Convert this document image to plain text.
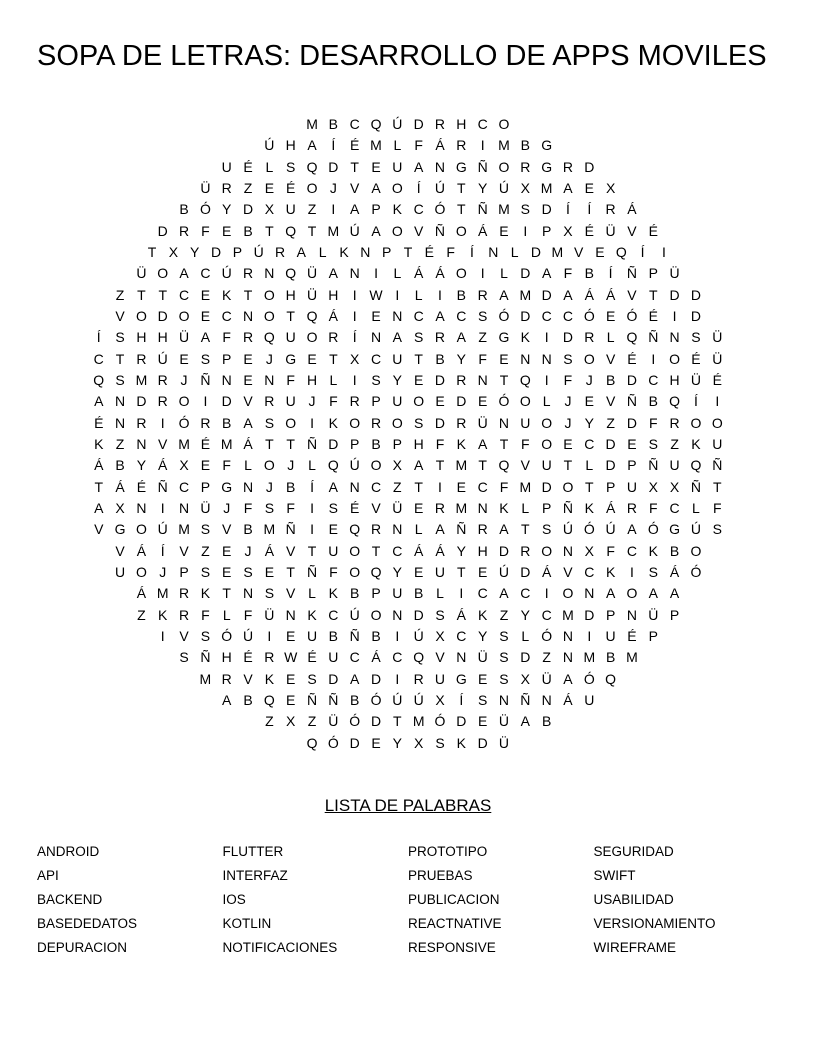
SOPA DE LETRAS: DESARROLLO DE APPS MOVILES
M B C Q Ú D R H C O
Ú H A Í É M L F Á R I M B G
U É L S Q D T E U A N G Ñ O R G R D
Ü R Z E É O J V A O Í Ú T Y Ú X M A E X
B Ó Y D X U Z I A P K C Ó T Ñ M S D Í Í R Á
D R F E B T Q T M Ú A O V Ñ O Á E I P X É Ü V É
T X Y D P Ú R A L K N P T É F Í N L D M V E Q Í I
Ü O A C Ú R N Q Ü A N I L Á Á O I L D A F B Í Ñ P Ü
Z T T C E K T O H Ü H I W I L I B R A M D A Á Á V T D D
V O D O E C N O T Q Á I E N C A C S Ó D C C Ó E Ó É I D
Í S H H Ü A F R Q U O R Í N A S R A Z G K I D R L Q Ñ N S Ü
C T R Ú E S P E J G E T X C U T B Y F E N N S O V É I O É Ü
Q S M R J Ñ N E N F H L I S Y E D R N T Q I F J B D C H Ü É
A N D R O I D V R U J F R P U O E D E Ó O L J E V Ñ B Q Í I
É N R I Ó R B A S O I K O R O S D R Ü N U O J Y Z D F R O O
K Z N V M É M Á T T Ñ D P B P H F K A T F O E C D E S Z K U
Á B Y Á X E F L O J L Q Ú O X A T M T Q V U T L D P Ñ U Q Ñ
T Á É Ñ C P G N J B Í A N C Z T I E C F M D O T P U X X Ñ T
A X N I N Ü J F S F I S É V Ü E R M N K L P Ñ K Á R F C L F
V G O Ú M S V B M Ñ I E Q R N L A Ñ R A T S Ú Ó Ú A Ó G Ú S
V Á Í V Z E J Á V T U O T C Á Á Y H D R O N X F C K B O
U O J P S E S E T Ñ F O Q Y E U T E Ú D Á V C K I S Á Ó
Á M R K T N S V L K B P U B L I C A C I O N A O A A
Z K R F L F Ü N K C Ú O N D S Á K Z Y C M D P N Ü P
I V S Ó Ú I E U B Ñ B I Ú X C Y S L Ó N I U É P
S Ñ H É R W É U C Á C Q V N Ü S D Z N M B M
M R V K E S D A D I R U G E S X Ü A Ó Q
A B Q E Ñ Ñ B Ó Ú Ú X Í S N Ñ N Á U
Z X Z Ü Ó D T M Ó D E Ü A B
Q Ó D E Y X S K D Ü
LISTA DE PALABRAS
ANDROID
API
BACKEND
BASEDEDATOS
DEPURACION
FLUTTER
INTERFAZ
IOS
KOTLIN
NOTIFICACIONES
PROTOTIPO
PRUEBAS
PUBLICACION
REACTNATIVE
RESPONSIVE
SEGURIDAD
SWIFT
USABILIDAD
VERSIONAMIENTO
WIREFRAME
